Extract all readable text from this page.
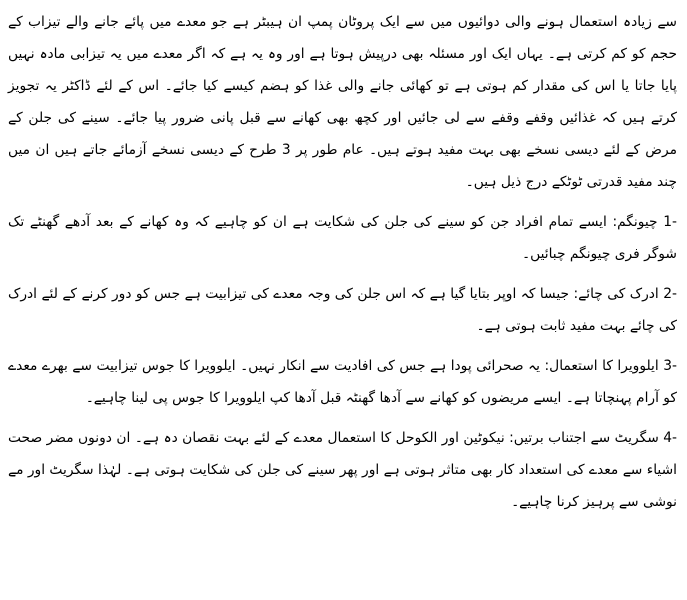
سے زیادہ استعمال ہونے والی دوائیوں میں سے ایک پروٹان پمپ ان ہیبٹر ہے جو معدے میں پائے جانے والے تیزاب کے حجم کو کم کرتی ہے۔ یہاں ایک اور مسئلہ بھی درپیش ہوتا ہے اور وہ یہ ہے کہ اگر معدے میں یہ تیزابی مادہ نہیں پایا جاتا یا اس کی مقدار کم ہوتی ہے تو کھائی جانے والی غذا کو ہضم کیسے کیا جائے۔ اس کے لئے ڈاکٹر یہ تجویز کرتے ہیں کہ غذائیں وقفے وقفے سے لی جائیں اور کچھ بھی کھانے سے قبل پانی ضرور پیا جائے۔ سینے کی جلن کے مرض کے لئے دیسی نسخے بھی بہت مفید ہوتے ہیں۔ عام طور پر 3 طرح کے دیسی نسخے آزمائے جاتے ہیں ان میں چند مفید قدرتی ٹوٹکے درج ذیل ہیں۔

-1 چیونگم: ایسے تمام افراد جن کو سینے کی جلن کی شکایت ہے ان کو چاہیے کہ وہ کھانے کے بعد آدھے گھنٹے تک شوگر فری چیونگم چبائیں۔

-2 ادرک کی چائے: جیسا کہ اوپر بتایا گیا ہے کہ اس جلن کی وجہ معدے کی تیزابیت ہے جس کو دور کرنے کے لئے ادرک کی چائے بہت مفید ثابت ہوتی ہے۔

-3 ایلوویرا کا استعمال: یہ صحرائی پودا ہے جس کی افادیت سے انکار نہیں۔ ایلوویرا کا جوس تیزابیت سے بھرے معدے کو آرام پہنچاتا ہے۔ ایسے مریضوں کو کھانے سے آدھا گھنٹہ قبل آدھا کپ ایلوویرا کا جوس پی لینا چاہیے۔

-4 سگریٹ سے اجتناب برتیں: نیکوٹین اور الکوحل کا استعمال معدے کے لئے بہت نقصان دہ ہے۔ ان دونوں مضر صحت اشیاء سے معدے کی استعداد کار بھی متاثر ہوتی ہے اور پھر سینے کی جلن کی شکایت ہوتی ہے۔ لہٰذا سگریٹ اور مے نوشی سے پرہیز کرنا چاہیے۔
